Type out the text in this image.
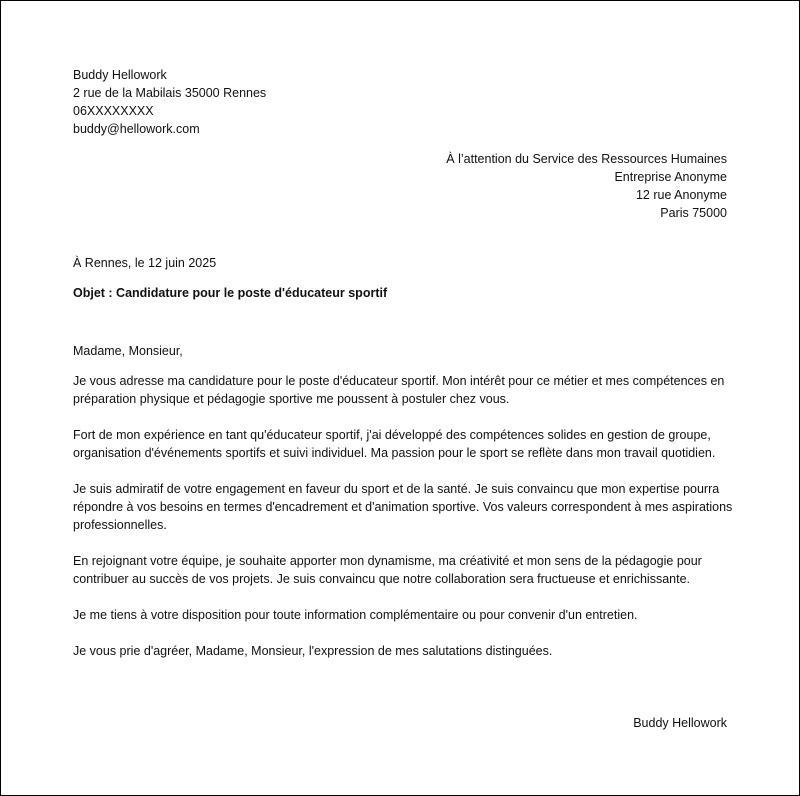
Buddy Hellowork
2 rue de la Mabilais 35000 Rennes
06XXXXXXXX
buddy@hellowork.com
À l’attention du Service des Ressources Humaines
Entreprise Anonyme
12 rue Anonyme
Paris 75000
À Rennes, le 12 juin 2025
Objet : Candidature pour le poste d'éducateur sportif

Madame, Monsieur,

Je vous adresse ma candidature pour le poste d'éducateur sportif. Mon intérêt pour ce métier et mes compétences en préparation physique et pédagogie sportive me poussent à postuler chez vous.

Fort de mon expérience en tant qu'éducateur sportif, j'ai développé des compétences solides en gestion de groupe, organisation d'événements sportifs et suivi individuel. Ma passion pour le sport se reflète dans mon travail quotidien.

Je suis admiratif de votre engagement en faveur du sport et de la santé. Je suis convaincu que mon expertise pourra répondre à vos besoins en termes d'encadrement et d'animation sportive. Vos valeurs correspondent à mes aspirations professionnelles.

En rejoignant votre équipe, je souhaite apporter mon dynamisme, ma créativité et mon sens de la pédagogie pour contribuer au succès de vos projets. Je suis convaincu que notre collaboration sera fructueuse et enrichissante.

Je me tiens à votre disposition pour toute information complémentaire ou pour convenir d'un entretien.

Je vous prie d'agréer, Madame, Monsieur, l'expression de mes salutations distinguées.

Buddy Hellowork
